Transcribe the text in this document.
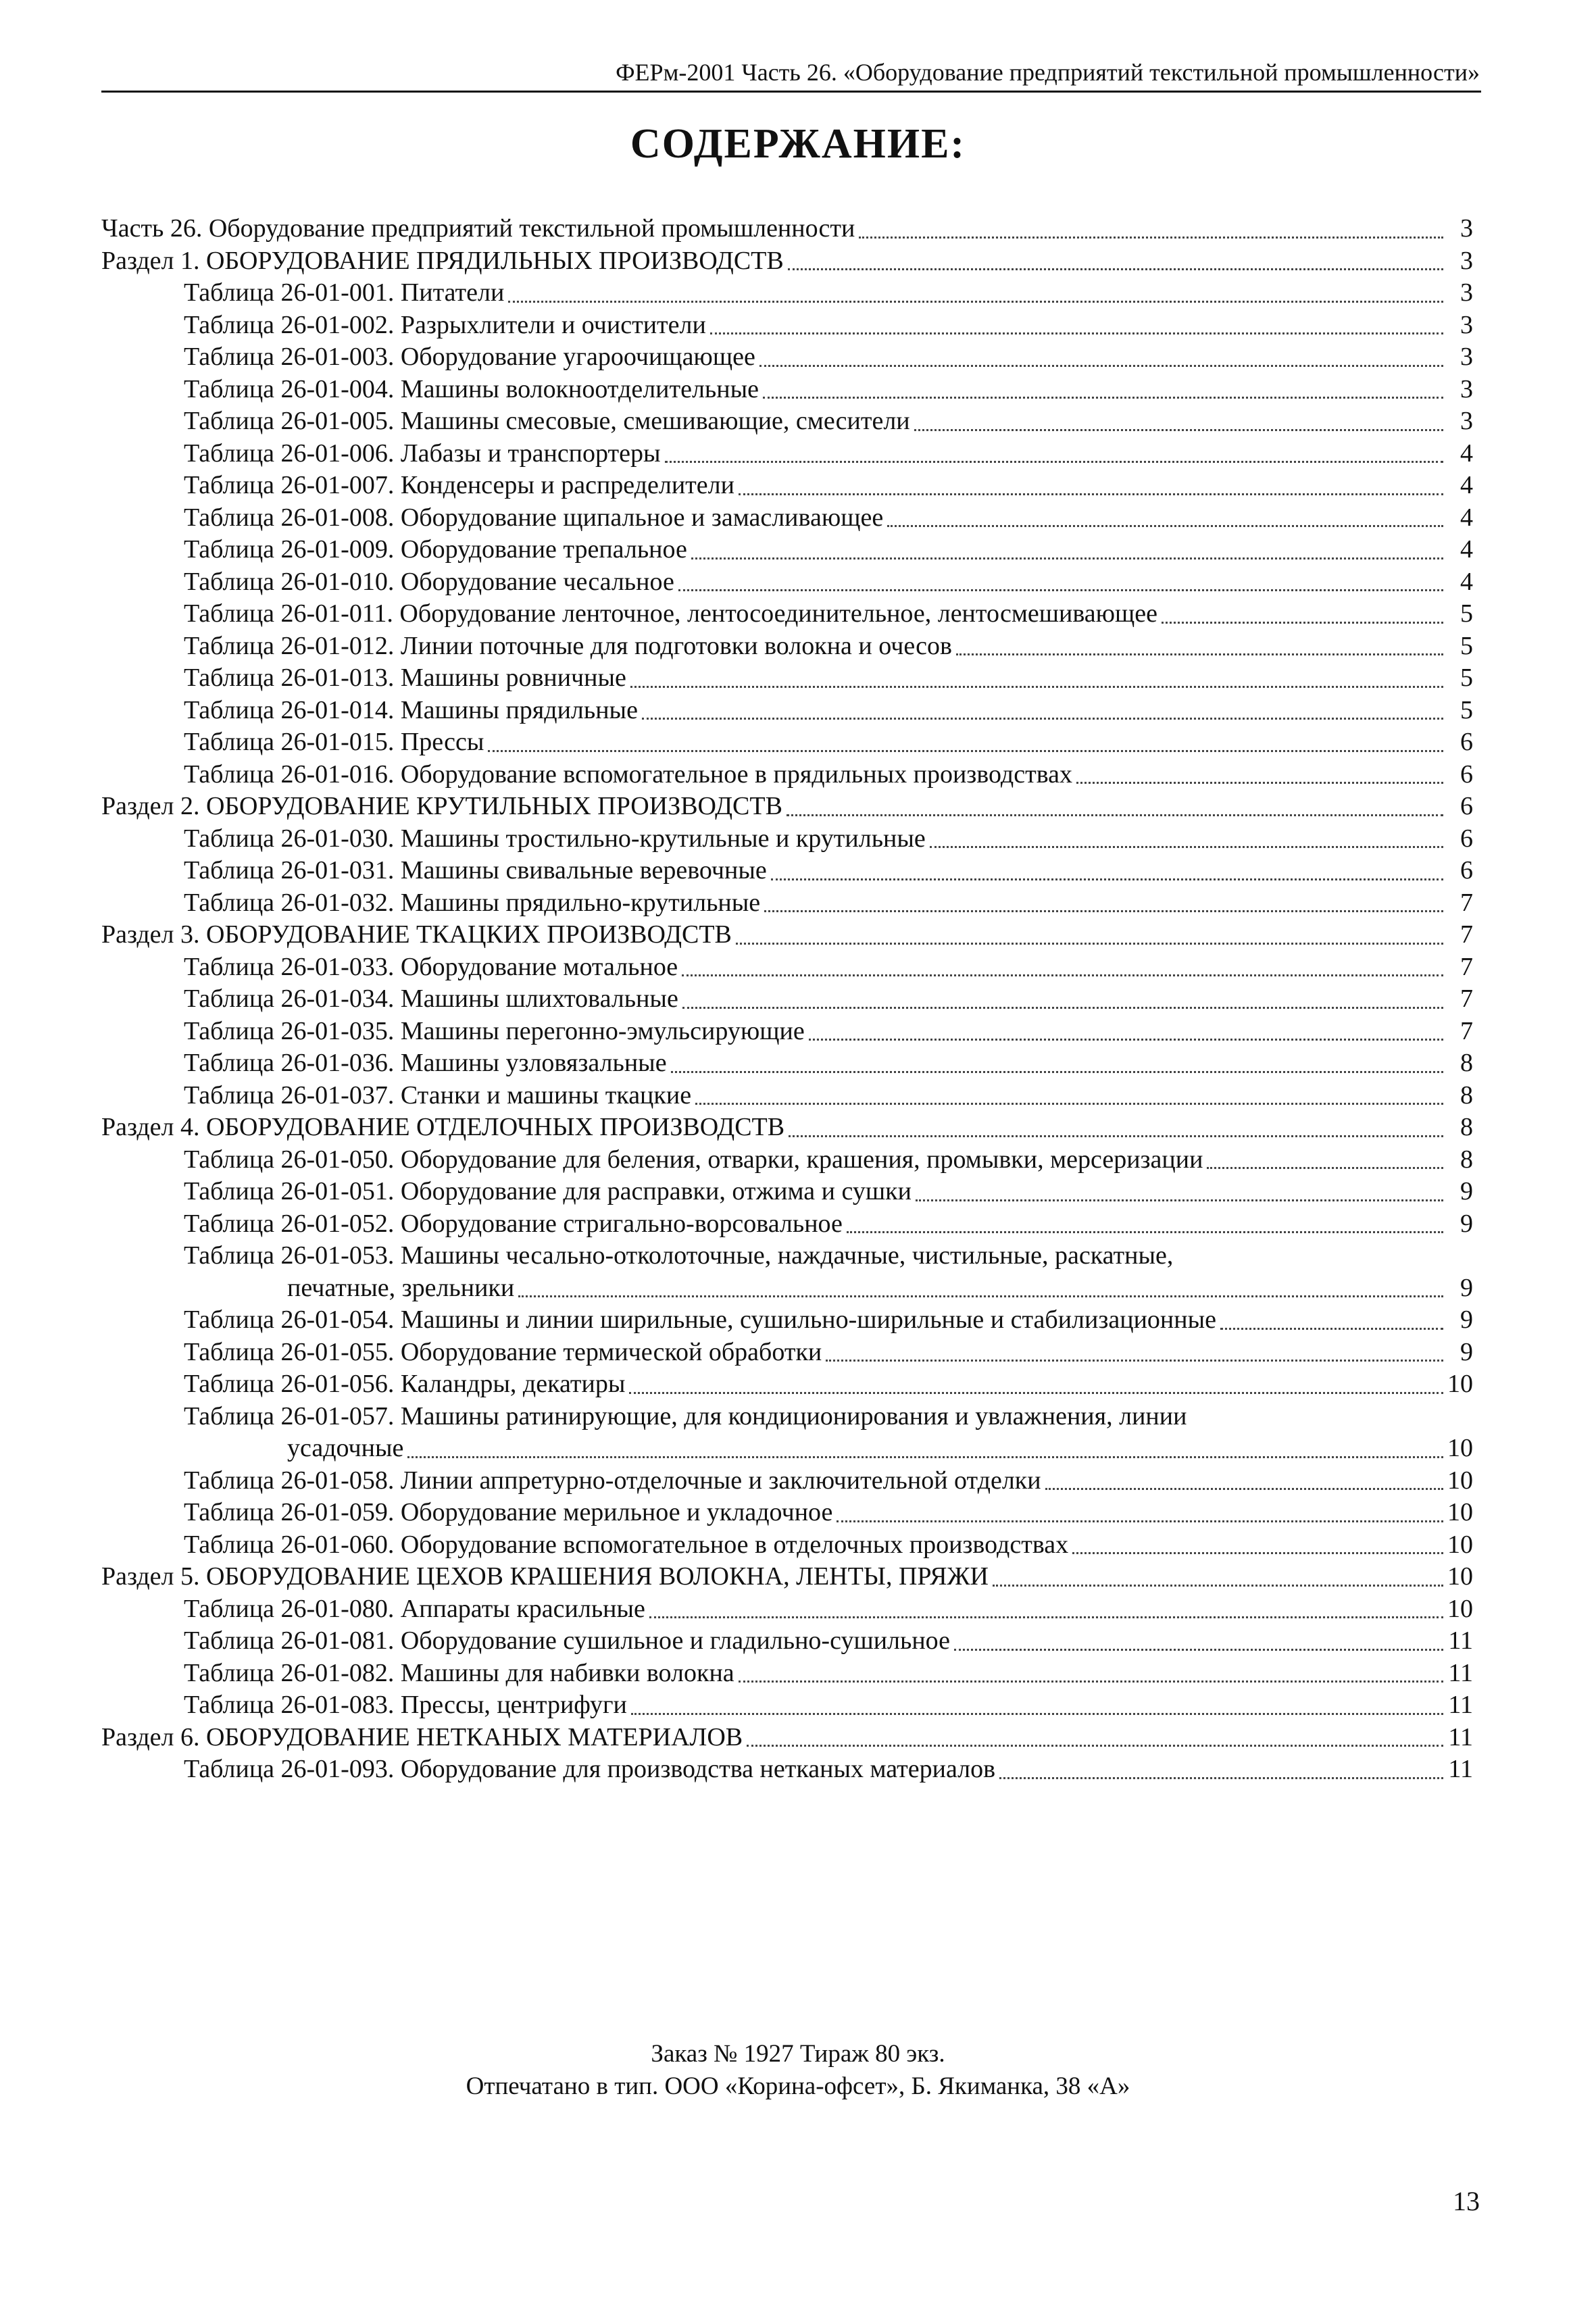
ФЕРм-2001 Часть 26. «Оборудование предприятий текстильной промышленности»
СОДЕРЖАНИЕ:
Часть 26. Оборудование предприятий текстильной промышленности	3
Раздел 1. ОБОРУДОВАНИЕ ПРЯДИЛЬНЫХ ПРОИЗВОДСТВ	3
Таблица 26-01-001. Питатели	3
Таблица 26-01-002. Разрыхлители и очистители	3
Таблица 26-01-003. Оборудование угароочищающее	3
Таблица 26-01-004. Машины волокноотделительные	3
Таблица 26-01-005. Машины смесовые, смешивающие, смесители	3
Таблица 26-01-006. Лабазы и транспортеры	4
Таблица 26-01-007. Конденсеры и распределители	4
Таблица 26-01-008. Оборудование щипальное и замасливающее	4
Таблица 26-01-009. Оборудование трепальное	4
Таблица 26-01-010. Оборудование чесальное	4
Таблица 26-01-011. Оборудование ленточное, лентосоединительное, лентосмешивающее	5
Таблица 26-01-012. Линии поточные для подготовки волокна и очесов	5
Таблица 26-01-013. Машины ровничные	5
Таблица 26-01-014. Машины прядильные	5
Таблица 26-01-015. Прессы	6
Таблица 26-01-016. Оборудование вспомогательное в прядильных производствах	6
Раздел 2. ОБОРУДОВАНИЕ КРУТИЛЬНЫХ ПРОИЗВОДСТВ	6
Таблица 26-01-030. Машины тростильно-крутильные и крутильные	6
Таблица 26-01-031. Машины свивальные веревочные	6
Таблица 26-01-032. Машины прядильно-крутильные	7
Раздел 3. ОБОРУДОВАНИЕ ТКАЦКИХ ПРОИЗВОДСТВ	7
Таблица 26-01-033. Оборудование мотальное	7
Таблица 26-01-034. Машины шлихтовальные	7
Таблица 26-01-035. Машины перегонно-эмульсирующие	7
Таблица 26-01-036. Машины узловязальные	8
Таблица 26-01-037. Станки и машины ткацкие	8
Раздел 4. ОБОРУДОВАНИЕ ОТДЕЛОЧНЫХ ПРОИЗВОДСТВ	8
Таблица 26-01-050. Оборудование для беления, отварки, крашения, промывки, мерсеризации	8
Таблица 26-01-051. Оборудование для расправки, отжима и сушки	9
Таблица 26-01-052. Оборудование стригально-ворсовальное	9
Таблица 26-01-053. Машины чесально-отколоточные, наждачные, чистильные, раскатные,
печатные, зрельники	9
Таблица 26-01-054. Машины и линии ширильные, сушильно-ширильные и стабилизационные	9
Таблица 26-01-055. Оборудование термической обработки	9
Таблица 26-01-056. Каландры, декатиры	10
Таблица 26-01-057. Машины ратинирующие, для кондиционирования и увлажнения, линии
усадочные	10
Таблица 26-01-058. Линии аппретурно-отделочные и заключительной отделки	10
Таблица 26-01-059. Оборудование мерильное и укладочное	10
Таблица 26-01-060. Оборудование вспомогательное в отделочных производствах	10
Раздел 5. ОБОРУДОВАНИЕ ЦЕХОВ КРАШЕНИЯ ВОЛОКНА, ЛЕНТЫ, ПРЯЖИ	10
Таблица 26-01-080. Аппараты красильные	10
Таблица 26-01-081. Оборудование сушильное и гладильно-сушильное	11
Таблица 26-01-082. Машины для набивки волокна	11
Таблица 26-01-083. Прессы, центрифуги	11
Раздел 6. ОБОРУДОВАНИЕ НЕТКАНЫХ МАТЕРИАЛОВ	11
Таблица 26-01-093. Оборудование для производства нетканых материалов	11
Заказ № 1927 Тираж 80 экз.
Отпечатано в тип. ООО «Корина-офсет», Б. Якиманка, 38 «А»
13
